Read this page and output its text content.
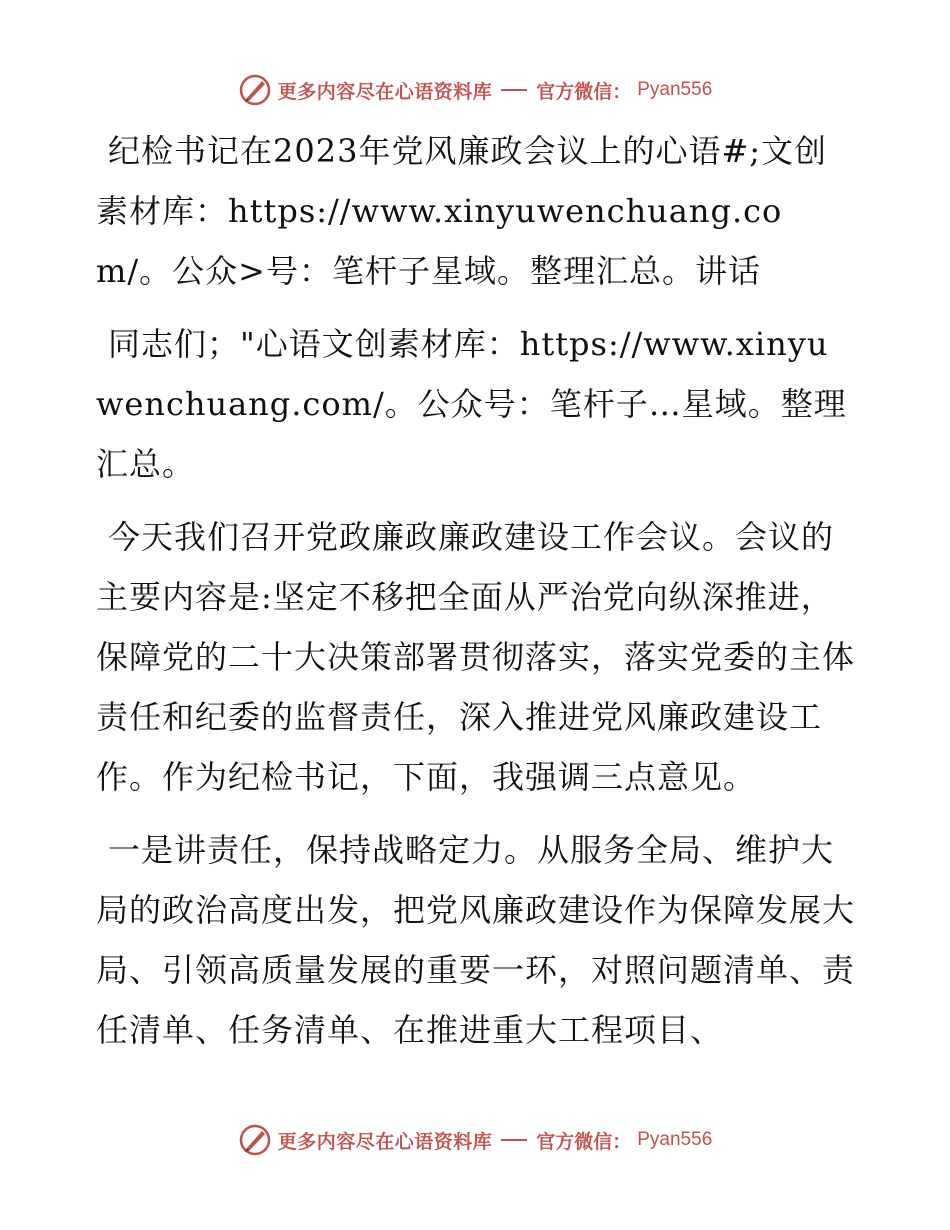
更多内容尽在心语资料库 官方微信： Pyan556

纪检书记在2023年党风廉政会议上的心语#;文创素材库：https://www.xinyuwenchuang.com/。公众>号：笔杆子星域。整理汇总。讲话

同志们；"心语文创素材库：https://www.xinyuwenchuang.com/。公众号：笔杆子…星域。整理汇总。

今天我们召开党政廉政廉政建设工作会议。会议的主要内容是:坚定不移把全面从严治党向纵深推进，保障党的二十大决策部署贯彻落实，落实党委的主体责任和纪委的监督责任，深入推进党风廉政建设工作。作为纪检书记，下面，我强调三点意见。

一是讲责任，保持战略定力。从服务全局、维护大局的政治高度出发，把党风廉政建设作为保障发展大局、引领高质量发展的重要一环，对照问题清单、责任清单、任务清单、在推进重大工程项目、

更多内容尽在心语资料库 官方微信： Pyan556
